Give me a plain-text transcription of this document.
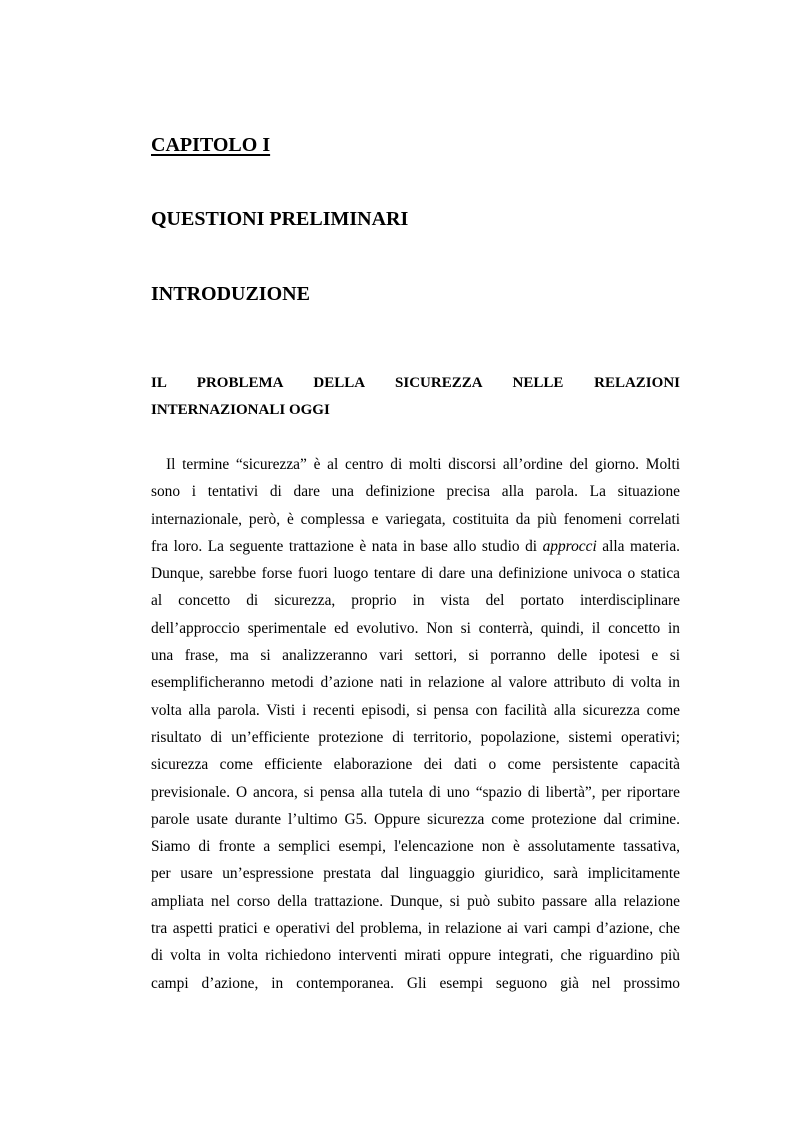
CAPITOLO I
QUESTIONI PRELIMINARI
INTRODUZIONE
IL PROBLEMA DELLA SICUREZZA NELLE RELAZIONI
INTERNAZIONALI OGGI
Il termine “sicurezza” è al centro di molti discorsi all’ordine del giorno. Molti
sono i tentativi di dare una definizione precisa alla parola. La situazione
internazionale, però, è complessa e variegata, costituita da più fenomeni correlati
fra loro. La seguente trattazione è nata in base allo studio di approcci alla materia.
Dunque, sarebbe forse fuori luogo tentare di dare una definizione univoca o statica
al concetto di sicurezza, proprio in vista del portato interdisciplinare
dell’approccio sperimentale ed evolutivo. Non si conterrà, quindi, il concetto in
una frase, ma si analizzeranno vari settori, si porranno delle ipotesi e si
esemplificheranno metodi d’azione nati in relazione al valore attributo di volta in
volta alla parola. Visti i recenti episodi, si pensa con facilità alla sicurezza come
risultato di un’efficiente protezione di territorio, popolazione, sistemi operativi;
sicurezza come efficiente elaborazione dei dati o come persistente capacità
previsionale. O ancora, si pensa alla tutela di uno “spazio di libertà”, per riportare
parole usate durante l’ultimo G5. Oppure sicurezza come protezione dal crimine.
Siamo di fronte a semplici esempi, l'elencazione non è assolutamente tassativa,
per usare un’espressione prestata dal linguaggio giuridico, sarà implicitamente
ampliata nel corso della trattazione. Dunque, si può subito passare alla relazione
tra aspetti pratici e operativi del problema, in relazione ai vari campi d’azione, che
di volta in volta richiedono interventi mirati oppure integrati, che riguardino più
campi d’azione, in contemporanea. Gli esempi seguono già nel prossimo
